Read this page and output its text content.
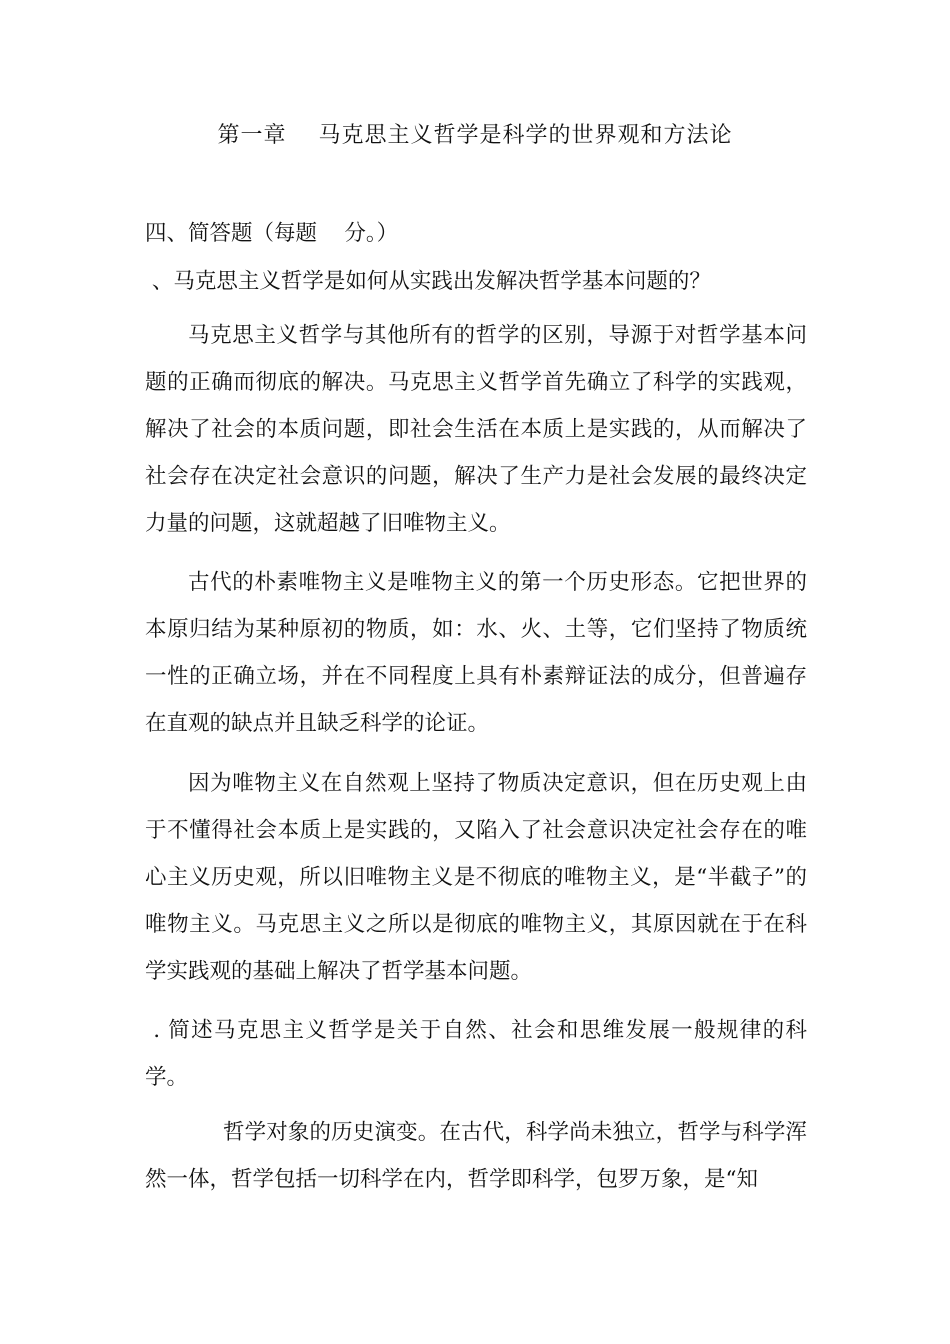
第一章    马克思主义哲学是科学的世界观和方法论

四、简答题（每题    分。）

、马克思主义哲学是如何从实践出发解决哲学基本问题的？

马克思主义哲学与其他所有的哲学的区别，导源于对哲学基本问题的正确而彻底的解决。马克思主义哲学首先确立了科学的实践观，解决了社会的本质问题，即社会生活在本质上是实践的，从而解决了社会存在决定社会意识的问题，解决了生产力是社会发展的最终决定力量的问题，这就超越了旧唯物主义。

古代的朴素唯物主义是唯物主义的第一个历史形态。它把世界的本原归结为某种原初的物质，如：水、火、土等，它们坚持了物质统一性的正确立场，并在不同程度上具有朴素辩证法的成分，但普遍存在直观的缺点并且缺乏科学的论证。

因为唯物主义在自然观上坚持了物质决定意识，但在历史观上由于不懂得社会本质上是实践的，又陷入了社会意识决定社会存在的唯心主义历史观，所以旧唯物主义是不彻底的唯物主义，是“半截子”的唯物主义。马克思主义之所以是彻底的唯物主义，其原因就在于在科学实践观的基础上解决了哲学基本问题。

. 简述马克思主义哲学是关于自然、社会和思维发展一般规律的科学。

哲学对象的历史演变。在古代，科学尚未独立，哲学与科学浑然一体，哲学包括一切科学在内，哲学即科学，包罗万象，是“知
